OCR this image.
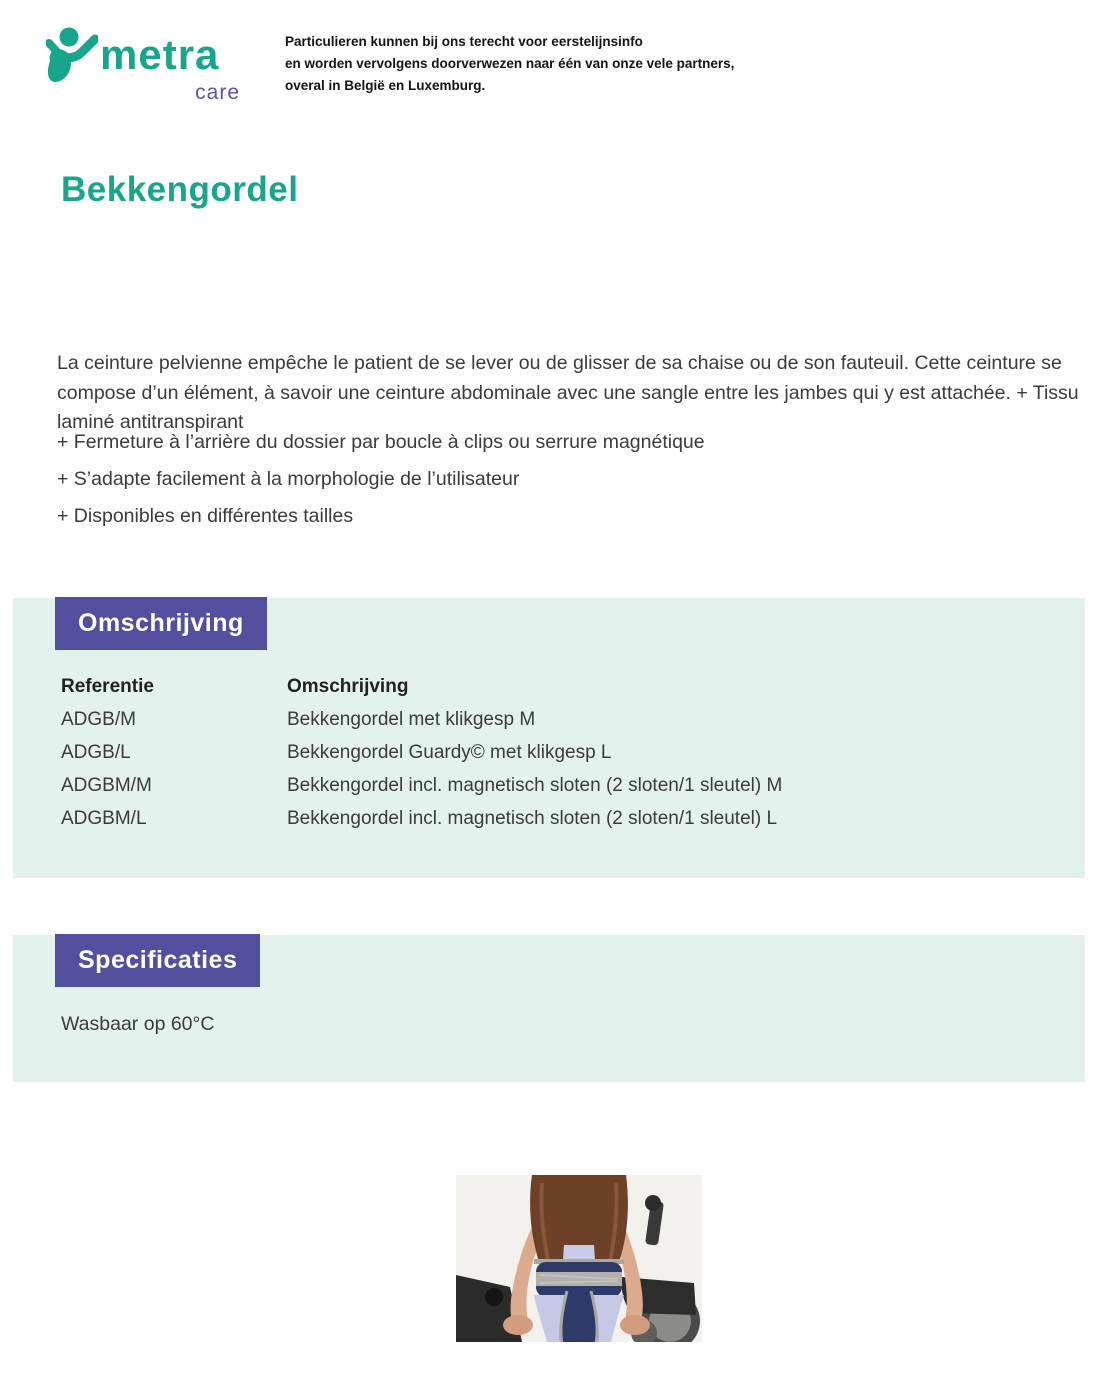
metra
care
Particulieren kunnen bij ons terecht voor eerstelijnsinfo
en worden vervolgens doorverwezen naar één van onze vele partners,
overal in België en Luxemburg.
Bekkengordel
La ceinture pelvienne empêche le patient de se lever ou de glisser de sa chaise ou de son fauteuil. Cette ceinture se compose d’un élément, à savoir une ceinture abdominale avec une sangle entre les jambes qui y est attachée. + Tissu laminé antitranspirant
+ Fermeture à l’arrière du dossier par boucle à clips ou serrure magnétique
+ S’adapte facilement à la morphologie de l’utilisateur
+ Disponibles en différentes tailles
Omschrijving
Referentie	Omschrijving
ADGB/M	Bekkengordel met klikgesp M
ADGB/L	Bekkengordel Guardy© met klikgesp L
ADGBM/M	Bekkengordel incl. magnetisch sloten (2 sloten/1 sleutel) M
ADGBM/L	Bekkengordel incl. magnetisch sloten (2 sloten/1 sleutel) L
Specificaties
Wasbaar op 60°C
